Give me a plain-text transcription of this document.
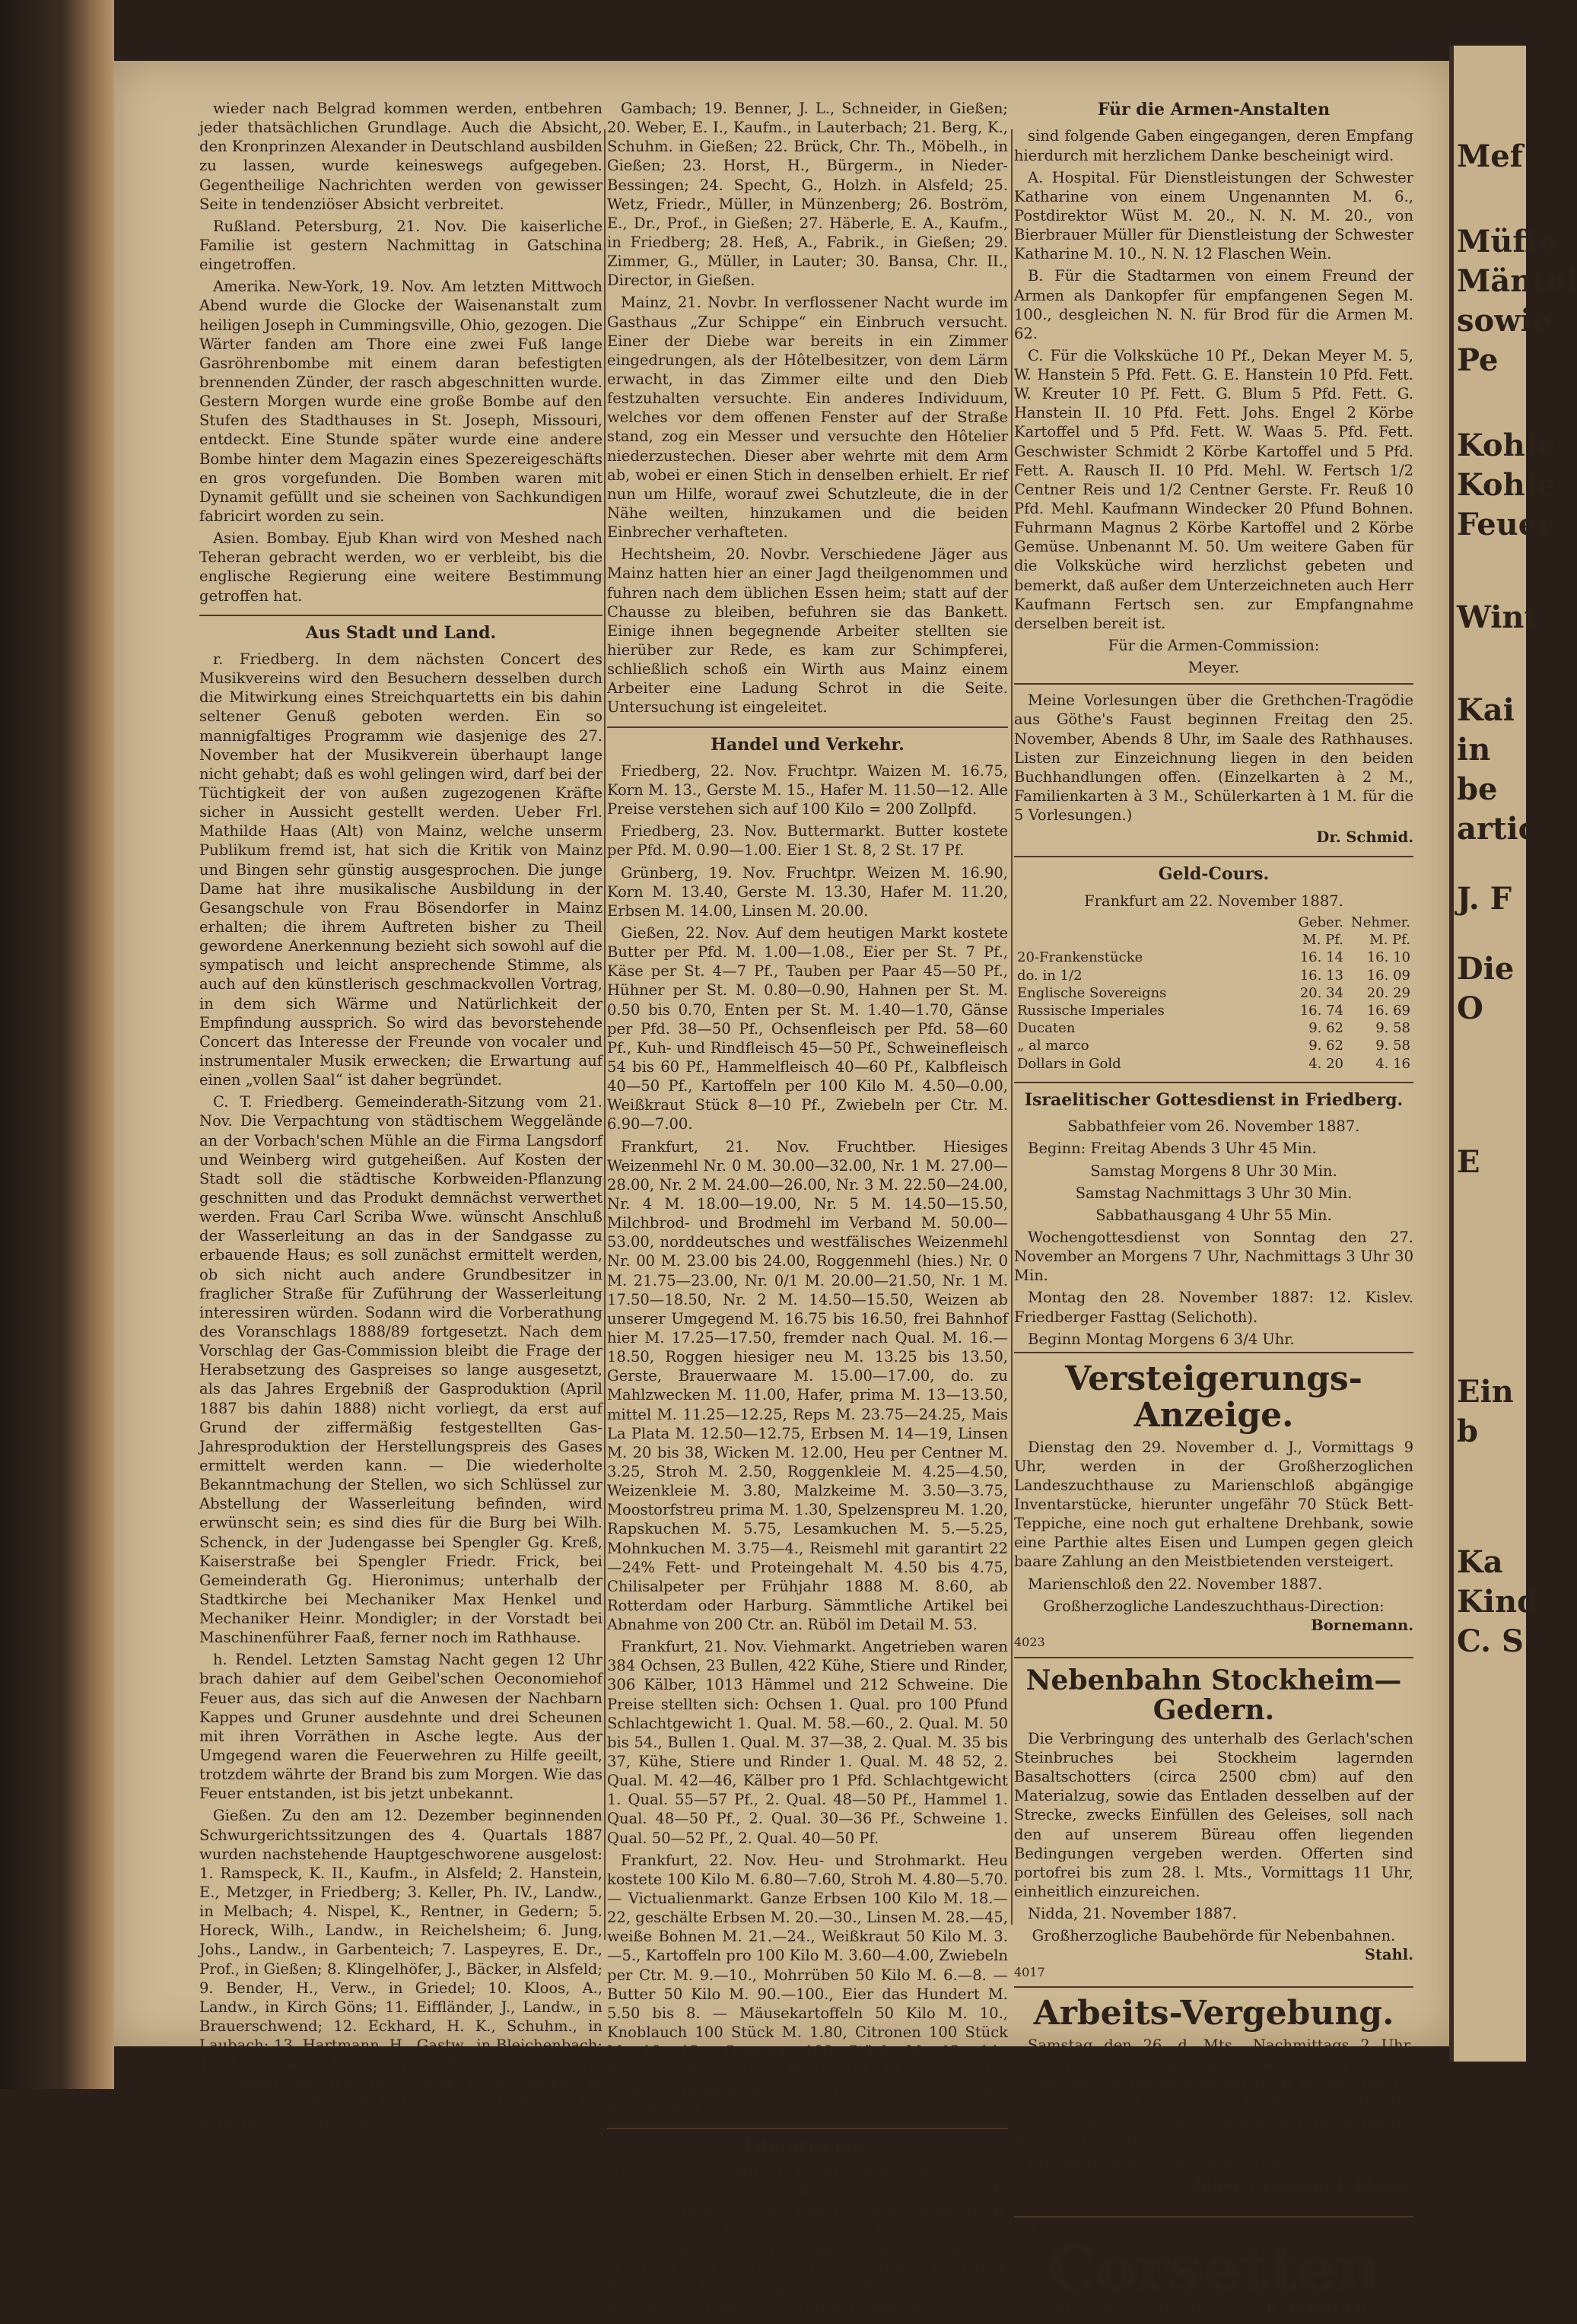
wieder nach Belgrad kommen werden, entbehren jeder thatsächlichen Grundlage. Auch die Absicht, den Kronprinzen Alexander in Deutschland ausbilden zu lassen, wurde keineswegs aufgegeben. Gegentheilige Nachrichten werden von gewisser Seite in tendenziöser Absicht verbreitet.

Rußland. Petersburg, 21. Nov. Die kaiserliche Familie ist gestern Nachmittag in Gatschina eingetroffen.

Amerika. New-York, 19. Nov. Am letzten Mittwoch Abend wurde die Glocke der Waisenanstalt zum heiligen Joseph in Cummingsville, Ohio, gezogen. Die Wärter fanden am Thore eine zwei Fuß lange Gasröhrenbombe mit einem daran befestigten brennenden Zünder, der rasch abgeschnitten wurde. Gestern Morgen wurde eine große Bombe auf den Stufen des Stadthauses in St. Joseph, Missouri, entdeckt. Eine Stunde später wurde eine andere Bombe hinter dem Magazin eines Spezereigeschäfts en gros vorgefunden. Die Bomben waren mit Dynamit gefüllt und sie scheinen von Sachkundigen fabricirt worden zu sein.

Asien. Bombay. Ejub Khan wird von Meshed nach Teheran gebracht werden, wo er verbleibt, bis die englische Regierung eine weitere Bestimmung getroffen hat.

Aus Stadt und Land.

r. Friedberg. In dem nächsten Concert des Musikvereins wird den Besuchern desselben durch die Mitwirkung eines Streichquartetts ein bis dahin seltener Genuß geboten werden. Ein so mannigfaltiges Programm wie dasjenige des 27. November hat der Musikverein überhaupt lange nicht gehabt; daß es wohl gelingen wird, darf bei der Tüchtigkeit der von außen zugezogenen Kräfte sicher in Aussicht gestellt werden. Ueber Frl. Mathilde Haas (Alt) von Mainz, welche unserm Publikum fremd ist, hat sich die Kritik von Mainz und Bingen sehr günstig ausgesprochen. Die junge Dame hat ihre musikalische Ausbildung in der Gesangschule von Frau Bösendorfer in Mainz erhalten; die ihrem Auftreten bisher zu Theil gewordene Anerkennung bezieht sich sowohl auf die sympatisch und leicht ansprechende Stimme, als auch auf den künstlerisch geschmackvollen Vortrag, in dem sich Wärme und Natürlichkeit der Empfindung aussprich. So wird das bevorstehende Concert das Interesse der Freunde von vocaler und instrumentaler Musik erwecken; die Erwartung auf einen „vollen Saal“ ist daher begründet.

C. T. Friedberg. Gemeinderath-Sitzung vom 21. Nov. Die Verpachtung von städtischem Weggelände an der Vorbach'schen Mühle an die Firma Langsdorf und Weinberg wird gutgeheißen. Auf Kosten der Stadt soll die städtische Korbweiden-Pflanzung geschnitten und das Produkt demnächst verwerthet werden. Frau Carl Scriba Wwe. wünscht Anschluß der Wasserleitung an das in der Sandgasse zu erbauende Haus; es soll zunächst ermittelt werden, ob sich nicht auch andere Grundbesitzer in fraglicher Straße für Zuführung der Wasserleitung interessiren würden. Sodann wird die Vorberathung des Voranschlags 1888/89 fortgesetzt. Nach dem Vorschlag der Gas-Commission bleibt die Frage der Herabsetzung des Gaspreises so lange ausgesetzt, als das Jahres Ergebniß der Gasproduktion (April 1887 bis dahin 1888) nicht vorliegt, da erst auf Grund der ziffermäßig festgestellten Gas-Jahresproduktion der Herstellungspreis des Gases ermittelt werden kann. — Die wiederholte Bekanntmachung der Stellen, wo sich Schlüssel zur Abstellung der Wasserleitung befinden, wird erwünscht sein; es sind dies für die Burg bei Wilh. Schenck, in der Judengasse bei Spengler Gg. Kreß, Kaiserstraße bei Spengler Friedr. Frick, bei Gemeinderath Gg. Hieronimus; unterhalb der Stadtkirche bei Mechaniker Max Henkel und Mechaniker Heinr. Mondigler; in der Vorstadt bei Maschinenführer Faaß, ferner noch im Rathhause.

h. Rendel. Letzten Samstag Nacht gegen 12 Uhr brach dahier auf dem Geibel'schen Oeconomiehof Feuer aus, das sich auf die Anwesen der Nachbarn Kappes und Gruner ausdehnte und drei Scheunen mit ihren Vorräthen in Asche legte. Aus der Umgegend waren die Feuerwehren zu Hilfe geeilt, trotzdem währte der Brand bis zum Morgen. Wie das Feuer entstanden, ist bis jetzt unbekannt.

Gießen. Zu den am 12. Dezember beginnenden Schwurgerichtssitzungen des 4. Quartals 1887 wurden nachstehende Hauptgeschworene ausgelost: 1. Ramspeck, K. II., Kaufm., in Alsfeld; 2. Hanstein, E., Metzger, in Friedberg; 3. Keller, Ph. IV., Landw., in Melbach; 4. Nispel, K., Rentner, in Gedern; 5. Horeck, Wilh., Landw., in Reichelsheim; 6. Jung, Johs., Landw., in Garbenteich; 7. Laspeyres, E. Dr., Prof., in Gießen; 8. Klingelhöfer, J., Bäcker, in Alsfeld; 9. Bender, H., Verw., in Griedel; 10. Kloos, A., Landw., in Kirch Göns; 11. Eiffländer, J., Landw., in Brauerschwend; 12. Eckhard, H. K., Schuhm., in Laubach; 13. Hartmann, H., Gastw., in Bleichenbach; 14. Keil, Friedr., Rentner, in Melbach; 15. Chambré, K., Kaufm., in Lich; 16. Schubt, K. M., Müller, in Dorheim; 17. Ruhl, P. J., Fabrik., in Herbstein; 18. Schlunk, T., Landw., in

Gambach; 19. Benner, J. L., Schneider, in Gießen; 20. Weber, E. I., Kaufm., in Lauterbach; 21. Berg, K., Schuhm. in Gießen; 22. Brück, Chr. Th., Möbelh., in Gießen; 23. Horst, H., Bürgerm., in Nieder-Bessingen; 24. Specht, G., Holzh. in Alsfeld; 25. Wetz, Friedr., Müller, in Münzenberg; 26. Boström, E., Dr., Prof., in Gießen; 27. Häberle, E. A., Kaufm., in Friedberg; 28. Heß, A., Fabrik., in Gießen; 29. Zimmer, G., Müller, in Lauter; 30. Bansa, Chr. II., Director, in Gießen.

Mainz, 21. Novbr. In verflossener Nacht wurde im Gasthaus „Zur Schippe“ ein Einbruch versucht. Einer der Diebe war bereits in ein Zimmer eingedrungen, als der Hôtelbesitzer, von dem Lärm erwacht, in das Zimmer eilte und den Dieb festzuhalten versuchte. Ein anderes Individuum, welches vor dem offenen Fenster auf der Straße stand, zog ein Messer und versuchte den Hôtelier niederzustechen. Dieser aber wehrte mit dem Arm ab, wobei er einen Stich in denselben erhielt. Er rief nun um Hilfe, worauf zwei Schutzleute, die in der Nähe weilten, hinzukamen und die beiden Einbrecher verhafteten.

Hechtsheim, 20. Novbr. Verschiedene Jäger aus Mainz hatten hier an einer Jagd theilgenommen und fuhren nach dem üblichen Essen heim; statt auf der Chausse zu bleiben, befuhren sie das Bankett. Einige ihnen begegnende Arbeiter stellten sie hierüber zur Rede, es kam zur Schimpferei, schließlich schoß ein Wirth aus Mainz einem Arbeiter eine Ladung Schrot in die Seite. Untersuchung ist eingeleitet.

Handel und Verkehr.

Friedberg, 22. Nov. Fruchtpr. Waizen M. 16.75, Korn M. 13., Gerste M. 15., Hafer M. 11.50—12. Alle Preise verstehen sich auf 100 Kilo = 200 Zollpfd.

Friedberg, 23. Nov. Buttermarkt. Butter kostete per Pfd. M. 0.90—1.00. Eier 1 St. 8, 2 St. 17 Pf.

Grünberg, 19. Nov. Fruchtpr. Weizen M. 16.90, Korn M. 13.40, Gerste M. 13.30, Hafer M. 11.20, Erbsen M. 14.00, Linsen M. 20.00.

Gießen, 22. Nov. Auf dem heutigen Markt kostete Butter per Pfd. M. 1.00—1.08., Eier per St. 7 Pf., Käse per St. 4—7 Pf., Tauben per Paar 45—50 Pf., Hühner per St. M. 0.80—0.90, Hahnen per St. M. 0.50 bis 0.70, Enten per St. M. 1.40—1.70, Gänse per Pfd. 38—50 Pf., Ochsenfleisch per Pfd. 58—60 Pf., Kuh- und Rindfleisch 45—50 Pf., Schweinefleisch 54 bis 60 Pf., Hammelfleisch 40—60 Pf., Kalbfleisch 40—50 Pf., Kartoffeln per 100 Kilo M. 4.50—0.00, Weißkraut Stück 8—10 Pf., Zwiebeln per Ctr. M. 6.90—7.00.

Frankfurt, 21. Nov. Fruchtber. Hiesiges Weizenmehl Nr. 0 M. 30.00—32.00, Nr. 1 M. 27.00—28.00, Nr. 2 M. 24.00—26.00, Nr. 3 M. 22.50—24.00, Nr. 4 M. 18.00—19.00, Nr. 5 M. 14.50—15.50, Milchbrod- und Brodmehl im Verband M. 50.00—53.00, norddeutsches und westfälisches Weizenmehl Nr. 00 M. 23.00 bis 24.00, Roggenmehl (hies.) Nr. 0 M. 21.75—23.00, Nr. 0/1 M. 20.00—21.50, Nr. 1 M. 17.50—18.50, Nr. 2 M. 14.50—15.50, Weizen ab unserer Umgegend M. 16.75 bis 16.50, frei Bahnhof hier M. 17.25—17.50, fremder nach Qual. M. 16.—18.50, Roggen hiesiger neu M. 13.25 bis 13.50, Gerste, Brauerwaare M. 15.00—17.00, do. zu Mahlzwecken M. 11.00, Hafer, prima M. 13—13.50, mittel M. 11.25—12.25, Reps M. 23.75—24.25, Mais La Plata M. 12.50—12.75, Erbsen M. 14—19, Linsen M. 20 bis 38, Wicken M. 12.00, Heu per Centner M. 3.25, Stroh M. 2.50, Roggenkleie M. 4.25—4.50, Weizenkleie M. 3.80, Malzkeime M. 3.50—3.75, Moostorfstreu prima M. 1.30, Spelzenspreu M. 1.20, Rapskuchen M. 5.75, Lesamkuchen M. 5.—5.25, Mohnkuchen M. 3.75—4., Reismehl mit garantirt 22—24% Fett- und Proteingehalt M. 4.50 bis 4.75, Chilisalpeter per Frühjahr 1888 M. 8.60, ab Rotterdam oder Harburg. Sämmtliche Artikel bei Abnahme von 200 Ctr. an. Rüböl im Detail M. 53.

Frankfurt, 21. Nov. Viehmarkt. Angetrieben waren 384 Ochsen, 23 Bullen, 422 Kühe, Stiere und Rinder, 306 Kälber, 1013 Hämmel und 212 Schweine. Die Preise stellten sich: Ochsen 1. Qual. pro 100 Pfund Schlachtgewicht 1. Qual. M. 58.—60., 2. Qual. M. 50 bis 54., Bullen 1. Qual. M. 37—38, 2. Qual. M. 35 bis 37, Kühe, Stiere und Rinder 1. Qual. M. 48 52, 2. Qual. M. 42—46, Kälber pro 1 Pfd. Schlachtgewicht 1. Qual. 55—57 Pf., 2. Qual. 48—50 Pf., Hammel 1. Qual. 48—50 Pf., 2. Qual. 30—36 Pf., Schweine 1. Qual. 50—52 Pf., 2. Qual. 40—50 Pf.

Frankfurt, 22. Nov. Heu- und Strohmarkt. Heu kostete 100 Kilo M. 6.80—7.60, Stroh M. 4.80—5.70.— Victualienmarkt. Ganze Erbsen 100 Kilo M. 18.—22, geschälte Erbsen M. 20.—30., Linsen M. 28.—45, weiße Bohnen M. 21.—24., Weißkraut 50 Kilo M. 3.—5., Kartoffeln pro 100 Kilo M. 3.60—4.00, Zwiebeln per Ctr. M. 9.—10., Mohrrüben 50 Kilo M. 6.—8. — Butter 50 Kilo M. 90.—100., Eier das Hundert M. 5.50 bis 8. — Mäusekartoffeln 50 Kilo M. 10., Knoblauch 100 Stück M. 1.80, Citronen 100 Stück M. 10.—12., Orangen 100 Stück M. 12.—14., Kastanien der Centner M. 12.—14., Maronen M. 16.—18., Blumenkohl das Hundert M. 25.—50. — Kraut das Stück M. 2.50—3.

Literarisches.

Daheim Nr. 7 enthält: Eulen und Krebse. Forts. — Kadett Vogel. Schluß. — In der Circusschule. Von B. v. Szczepanski. Mit vier Illustr. — Am Familientisch. Zu unsern Bildern: Große Fütterung, und Winterlicher Waldweg. — Eine Blüthenlese religiöser Dichtung. Von R. K. — Eine Tragödie im hohen Norden. — Im Lindenpark. Von Fr. Schanz. — Aus der Zeit — für die Zeit. — Frauen-Daheim.

Für die Armen-Anstalten

sind folgende Gaben eingegangen, deren Empfang hierdurch mit herzlichem Danke bescheinigt wird.

A. Hospital. Für Dienstleistungen der Schwester Katharine von einem Ungenannten M. 6., Postdirektor Wüst M. 20., N. N. M. 20., von Bierbrauer Müller für Dienstleistung der Schwester Katharine M. 10., N. N. 12 Flaschen Wein.

B. Für die Stadtarmen von einem Freund der Armen als Dankopfer für empfangenen Segen M. 100., desgleichen N. N. für Brod für die Armen M. 62.

C. Für die Volksküche 10 Pf., Dekan Meyer M. 5, W. Hanstein 5 Pfd. Fett. G. E. Hanstein 10 Pfd. Fett. W. Kreuter 10 Pf. Fett. G. Blum 5 Pfd. Fett. G. Hanstein II. 10 Pfd. Fett. Johs. Engel 2 Körbe Kartoffel und 5 Pfd. Fett. W. Waas 5. Pfd. Fett. Geschwister Schmidt 2 Körbe Kartoffel und 5 Pfd. Fett. A. Rausch II. 10 Pfd. Mehl. W. Fertsch 1/2 Centner Reis und 1/2 Centner Gerste. Fr. Reuß 10 Pfd. Mehl. Kaufmann Windecker 20 Pfund Bohnen. Fuhrmann Magnus 2 Körbe Kartoffel und 2 Körbe Gemüse. Unbenannt M. 50. Um weitere Gaben für die Volksküche wird herzlichst gebeten und bemerkt, daß außer dem Unterzeichneten auch Herr Kaufmann Fertsch sen. zur Empfangnahme derselben bereit ist.

Für die Armen-Commission:

Meyer.

Meine Vorlesungen über die Grethchen-Tragödie aus Göthe's Faust beginnen Freitag den 25. November, Abends 8 Uhr, im Saale des Rathhauses. Listen zur Einzeichnung liegen in den beiden Buchhandlungen offen. (Einzelkarten à 2 M., Familienkarten à 3 M., Schülerkarten à 1 M. für die 5 Vorlesungen.)

Dr. Schmid.
Geld-Cours.

Frankfurt am 22. November 1887.

	Geber. M. Pf.	Nehmer. M. Pf.
20-Frankenstücke	16. 14	16. 10
do. in 1/2	16. 13	16. 09
Englische Sovereigns	20. 34	20. 29
Russische Imperiales	16. 74	16. 69
Ducaten	9. 62	9. 58
„ al marco	9. 62	9. 58
Dollars in Gold	4. 20	4. 16
Israelitischer Gottesdienst in Friedberg.

Sabbathfeier vom 26. November 1887.

Beginn: Freitag Abends 3 Uhr 45 Min.

Samstag Morgens 8 Uhr 30 Min.

Samstag Nachmittags 3 Uhr 30 Min.

Sabbathausgang 4 Uhr 55 Min.

Wochengottesdienst von Sonntag den 27. November an Morgens 7 Uhr, Nachmittags 3 Uhr 30 Min.

Montag den 28. November 1887: 12. Kislev. Friedberger Fasttag (Selichoth).

Beginn Montag Morgens 6 3/4 Uhr.

Versteigerungs-Anzeige.

Dienstag den 29. November d. J., Vormittags 9 Uhr, werden in der Großherzoglichen Landeszuchthause zu Marienschloß abgängige Inventarstücke, hierunter ungefähr 70 Stück Bett-Teppiche, eine noch gut erhaltene Drehbank, sowie eine Parthie altes Eisen und Lumpen gegen gleich baare Zahlung an den Meistbietenden versteigert.

Marienschloß den 22. November 1887.

Großherzogliche Landeszuchthaus-Direction:
Bornemann.
4023
Nebenbahn Stockheim—Gedern.

Die Verbringung des unterhalb des Gerlach'schen Steinbruches bei Stockheim lagernden Basaltschotters (circa 2500 cbm) auf den Materialzug, sowie das Entladen desselben auf der Strecke, zwecks Einfüllen des Geleises, soll nach den auf unserem Büreau offen liegenden Bedingungen vergeben werden. Offerten sind portofrei bis zum 28. l. Mts., Vormittags 11 Uhr, einheitlich einzureichen.

Nidda, 21. November 1887.

Großherzogliche Baubehörde für Nebenbahnen.
Stahl.
4017
Arbeits-Vergebung.

Samstag den 26. d. Mts., Nachmittags 2 Uhr, werden in der Gemarkung Kloppenheim an Ort und Stelle die Versteinungs-Arbeiten an Hohlwegen rc. rc., veranschlagt zu 3000 Mark, öffentlich unter den daselbst bekannt gemacht werdenden Bedingungen in Accord gegeben.

Friedberg den 23. November 1887.

Müller, Geometer I. Klasse.
4030
161
Corsetten
verkauft zum Selbstkostenpreise K. Friedrich.
Mef
Müffe
Mäntel
sowie Pe
Kohle
Kohle
Feuer
Wint
Kai
in be
artic
J. F
Die O
E
Ein b
Ka
Kind
C. S
